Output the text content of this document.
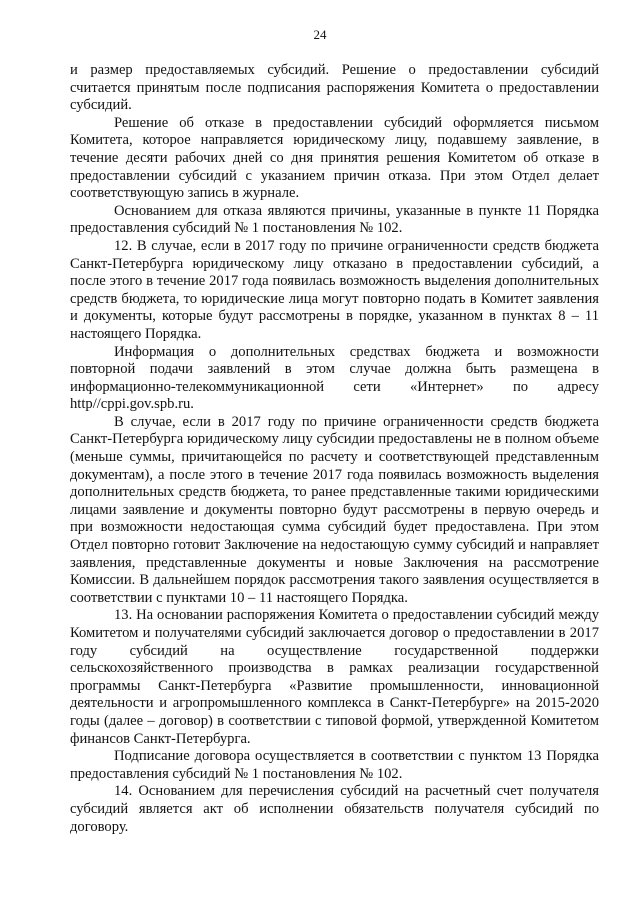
24

и размер предоставляемых субсидий. Решение о предоставлении субсидий считается принятым после подписания распоряжения Комитета о предоставлении субсидий.

Решение об отказе в предоставлении субсидий оформляется письмом Комитета, которое направляется юридическому лицу, подавшему заявление, в течение десяти рабочих дней со дня принятия решения Комитетом об отказе в предоставлении субсидий с указанием причин отказа. При этом Отдел делает соответствующую запись в журнале.

Основанием для отказа являются причины, указанные в пункте 11 Порядка предоставления субсидий № 1 постановления № 102.

12. В случае, если в 2017 году по причине ограниченности средств бюджета Санкт-Петербурга юридическому лицу отказано в предоставлении субсидий, а после этого в течение 2017 года появилась возможность выделения дополнительных средств бюджета, то юридические лица могут повторно подать в Комитет заявления и документы, которые будут рассмотрены в порядке, указанном в пунктах 8 – 11 настоящего Порядка.

Информация о дополнительных средствах бюджета и возможности повторной подачи заявлений в этом случае должна быть размещена в информационно-телекоммуникационной сети «Интернет» по адресу http//cppi.gov.spb.ru.

В случае, если в 2017 году по причине ограниченности средств бюджета Санкт-Петербурга юридическому лицу субсидии предоставлены не в полном объеме (меньше суммы, причитающейся по расчету и соответствующей представленным документам), а после этого в течение 2017 года появилась возможность выделения дополнительных средств бюджета, то ранее представленные такими юридическими лицами заявление и документы повторно будут рассмотрены в первую очередь и при возможности недостающая сумма субсидий будет предоставлена. При этом Отдел повторно готовит Заключение на недостающую сумму субсидий и направляет заявления, представленные документы и новые Заключения на рассмотрение Комиссии. В дальнейшем порядок рассмотрения такого заявления осуществляется в соответствии с пунктами 10 – 11 настоящего Порядка.

13. На основании распоряжения Комитета о предоставлении субсидий между Комитетом и получателями субсидий заключается договор о предоставлении в 2017 году субсидий на осуществление государственной поддержки сельскохозяйственного производства в рамках реализации государственной программы Санкт-Петербурга «Развитие промышленности, инновационной деятельности и агропромышленного комплекса в Санкт-Петербурге» на 2015-2020 годы (далее – договор) в соответствии с типовой формой, утвержденной Комитетом финансов Санкт-Петербурга.

Подписание договора осуществляется в соответствии с пунктом 13 Порядка предоставления субсидий № 1 постановления № 102.

14. Основанием для перечисления субсидий на расчетный счет получателя субсидий является акт об исполнении обязательств получателя субсидий по договору.
